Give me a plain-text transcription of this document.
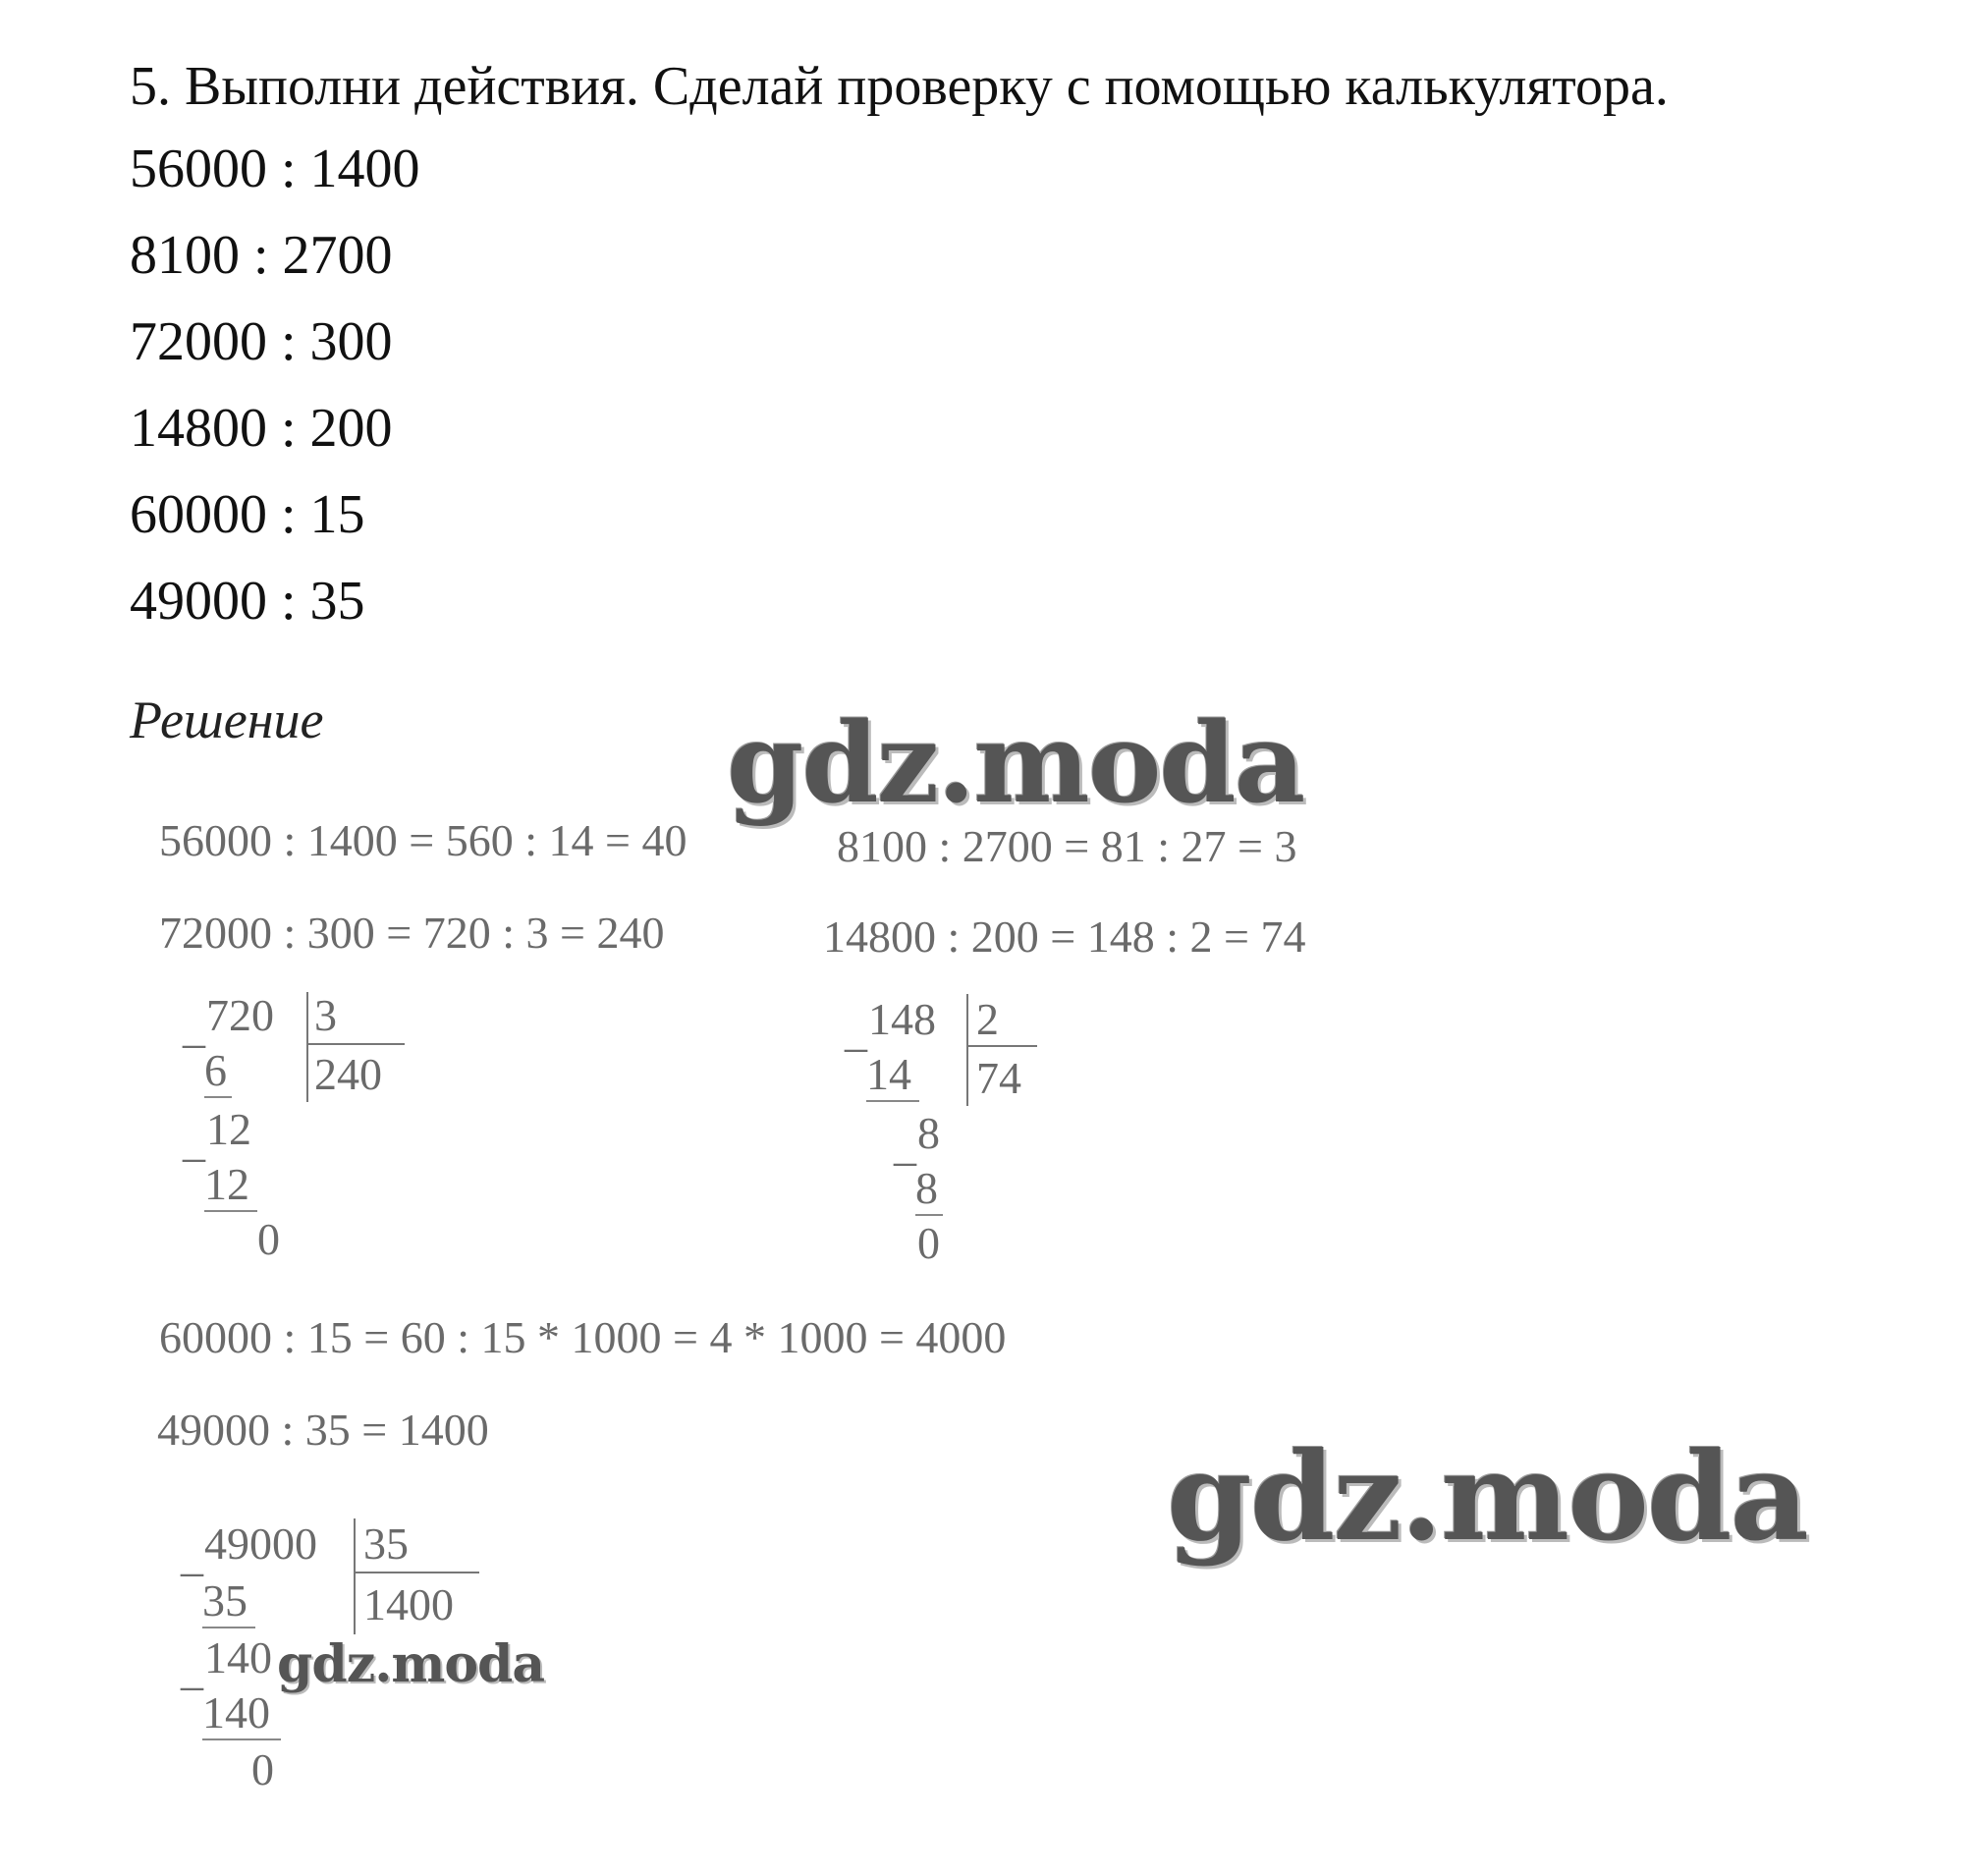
5. Выполни действия. Сделай проверку с помощью калькулятора.
56000 : 1400
8100 : 2700
72000 : 300
14800 : 200
60000 : 15
49000 : 35
Решение
56000 : 1400 = 560 : 14 = 40	8100 : 2700 = 81 : 27 = 3
72000 : 300 = 720 : 3 = 240	14800 : 200 = 148 : 2 = 74
60000 : 15 = 60 : 15 * 1000 = 4 * 1000 = 4000
49000 : 35 = 1400
_ 720 3
240
6
_ 12
12
0
_ 148 2
74
14
_ 8
8
0
_ 49000 35
1400
35
_ 140
140
0
gdz.moda
gdz.moda
gdz.moda
